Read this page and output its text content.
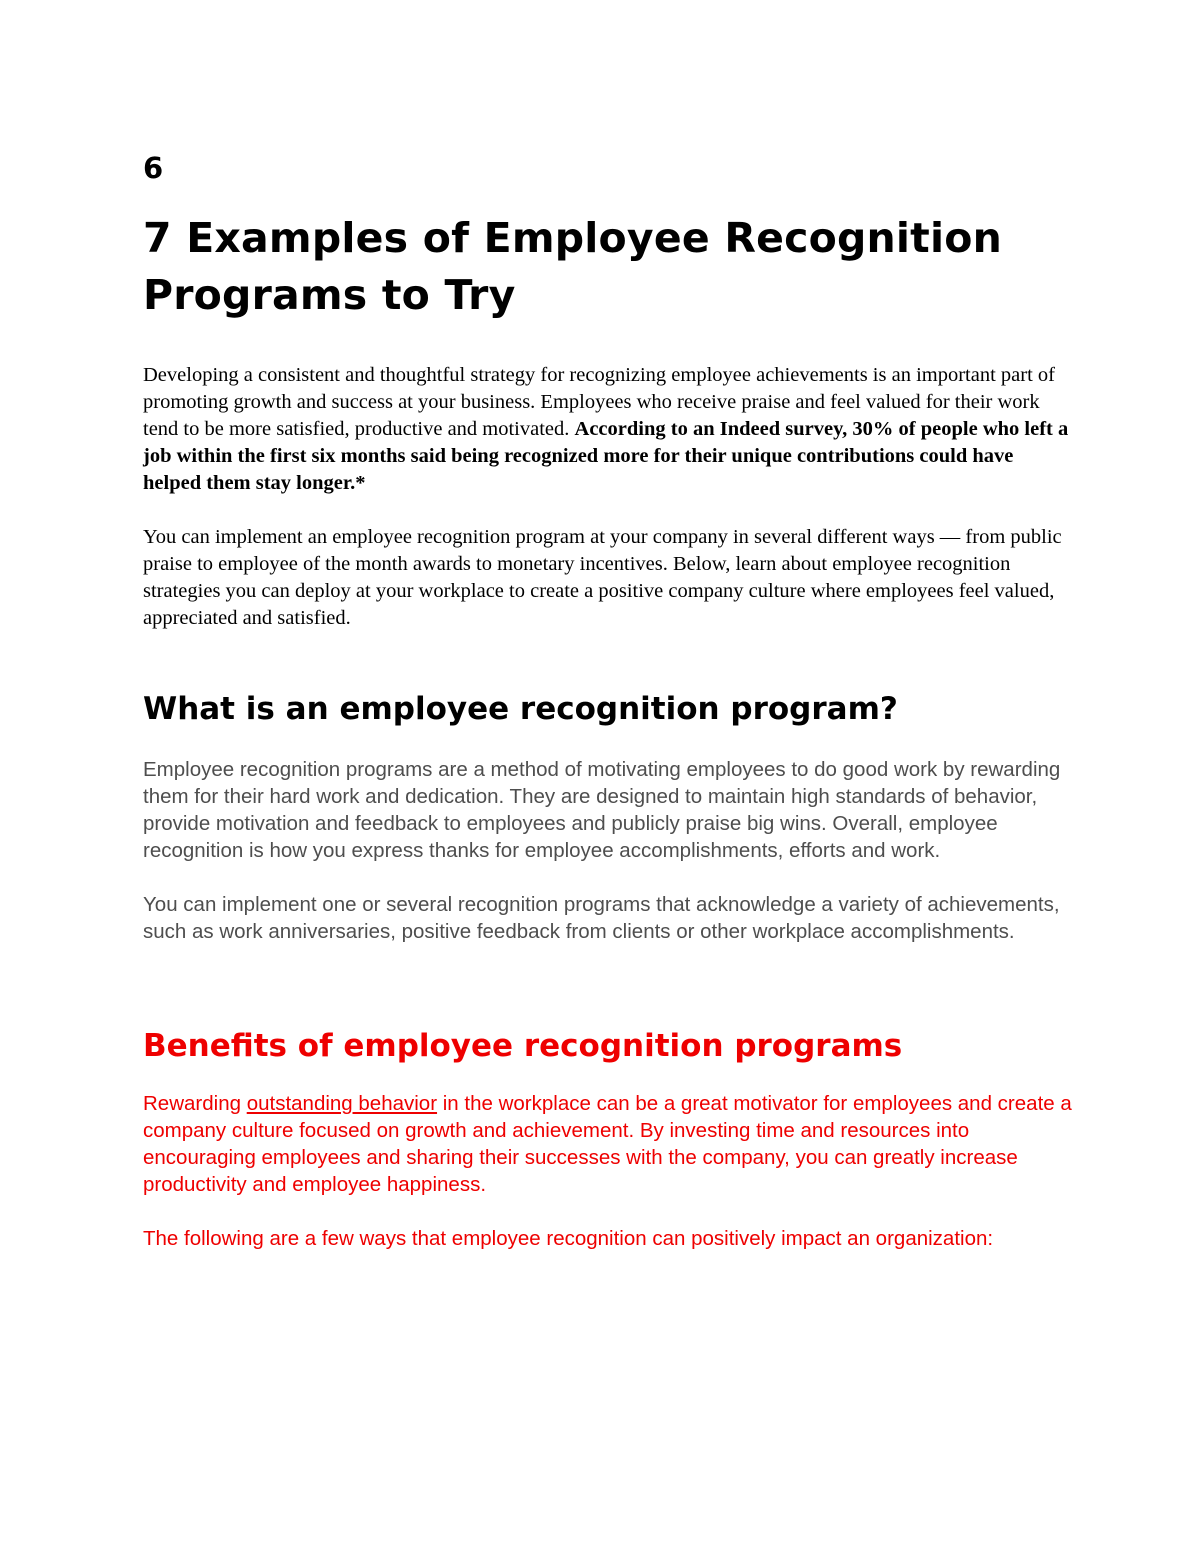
6
7 Examples of Employee Recognition Programs to Try

Developing a consistent and thoughtful strategy for recognizing employee achievements is an important part of promoting growth and success at your business. Employees who receive praise and feel valued for their work tend to be more satisfied, productive and motivated. According to an Indeed survey, 30% of people who left a job within the first six months said being recognized more for their unique contributions could have helped them stay longer.*

You can implement an employee recognition program at your company in several different ways — from public praise to employee of the month awards to monetary incentives. Below, learn about employee recognition strategies you can deploy at your workplace to create a positive company culture where employees feel valued, appreciated and satisfied.

What is an employee recognition program?

Employee recognition programs are a method of motivating employees to do good work by rewarding them for their hard work and dedication. They are designed to maintain high standards of behavior, provide motivation and feedback to employees and publicly praise big wins. Overall, employee recognition is how you express thanks for employee accomplishments, efforts and work.

You can implement one or several recognition programs that acknowledge a variety of achievements, such as work anniversaries, positive feedback from clients or other workplace accomplishments.

Benefits of employee recognition programs

Rewarding outstanding behavior in the workplace can be a great motivator for employees and create a company culture focused on growth and achievement. By investing time and resources into encouraging employees and sharing their successes with the company, you can greatly increase productivity and employee happiness.

The following are a few ways that employee recognition can positively impact an organization:
